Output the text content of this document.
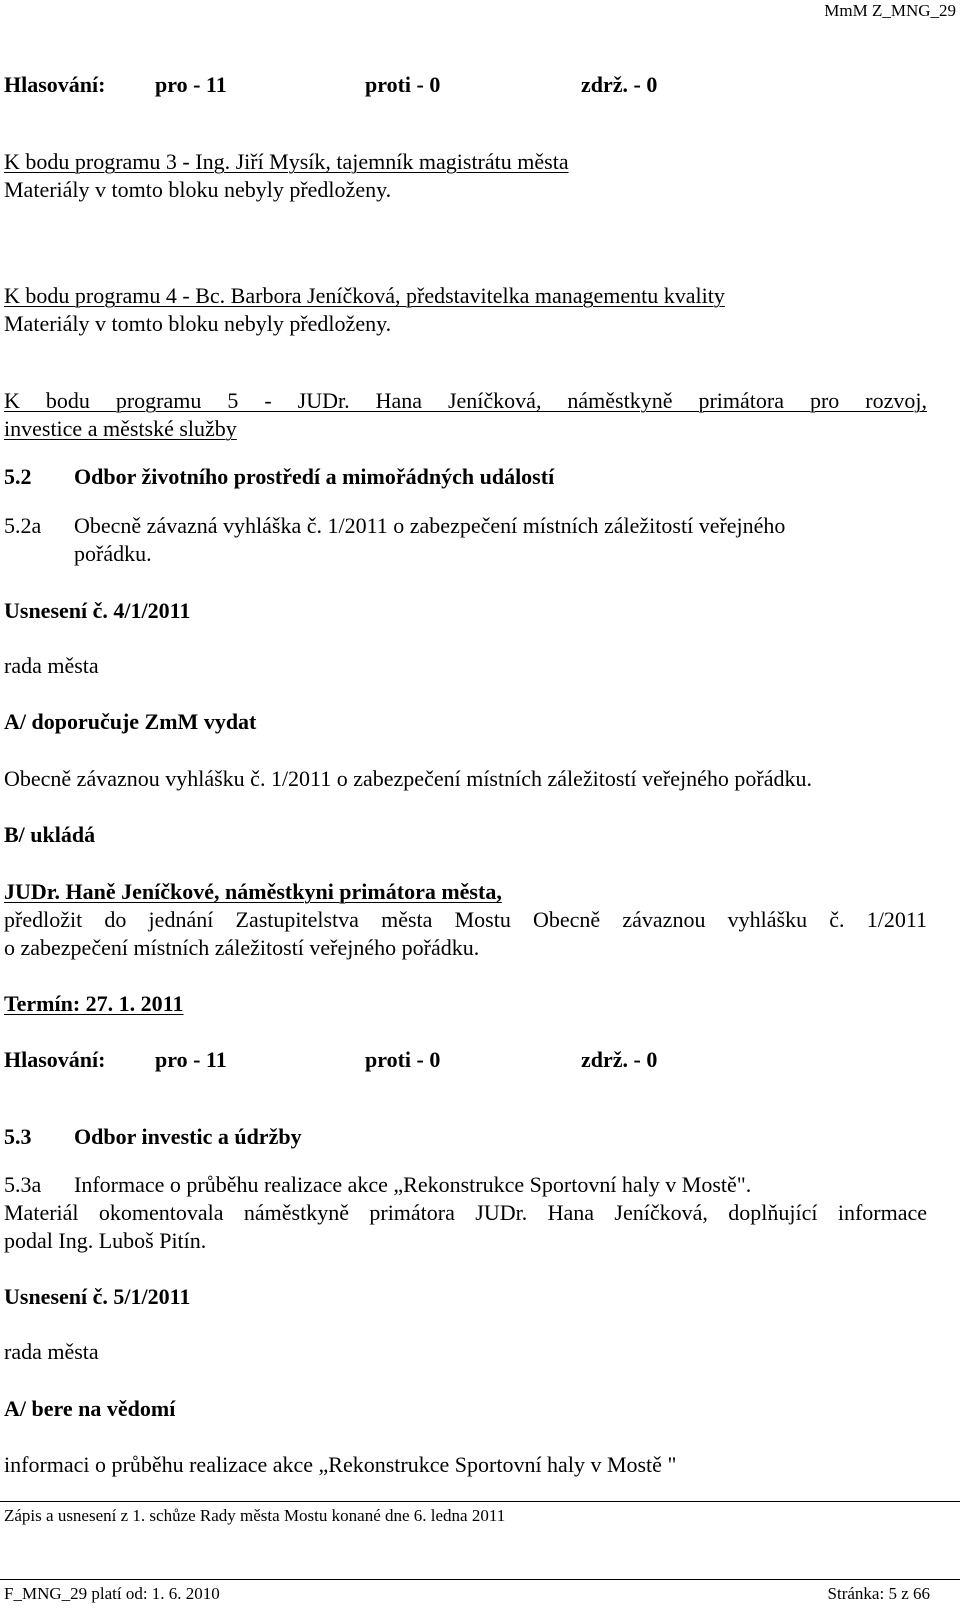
MmM Z_MNG_29
Hlasování: pro - 11	proti - 0	zdrž. - 0
K bodu programu 3 - Ing. Jiří Mysík, tajemník magistrátu města
Materiály v tomto bloku nebyly předloženy.
K bodu programu 4 - Bc. Barbora Jeníčková, představitelka managementu kvality
Materiály v tomto bloku nebyly předloženy.
K bodu programu 5 - JUDr. Hana Jeníčková, náměstkyně primátora pro rozvoj,
investice a městské služby
5.2 Odbor životního prostředí a mimořádných událostí
5.2a Obecně závazná vyhláška č. 1/2011 o zabezpečení místních záležitostí veřejného
pořádku.
Usnesení č. 4/1/2011
rada města
A/ doporučuje ZmM vydat
Obecně závaznou vyhlášku č. 1/2011 o zabezpečení místních záležitostí veřejného pořádku.
B/ ukládá
JUDr. Haně Jeníčkové, náměstkyni primátora města,
předložit do jednání Zastupitelstva města Mostu Obecně závaznou vyhlášku č. 1/2011
o zabezpečení místních záležitostí veřejného pořádku.
Termín: 27. 1. 2011
Hlasování: pro - 11	proti - 0	zdrž. - 0
5.3 Odbor investic a údržby
5.3a Informace o průběhu realizace akce „Rekonstrukce Sportovní haly v Mostě".
Materiál okomentovala náměstkyně primátora JUDr. Hana Jeníčková, doplňující informace
podal Ing. Luboš Pitín.
Usnesení č. 5/1/2011
rada města
A/ bere na vědomí
informaci o průběhu realizace akce „Rekonstrukce Sportovní haly v Mostě "
Zápis a usnesení z 1. schůze Rady města Mostu konané dne 6. ledna 2011
F_MNG_29 platí od: 1. 6. 2010	Stránka: 5 z 66
